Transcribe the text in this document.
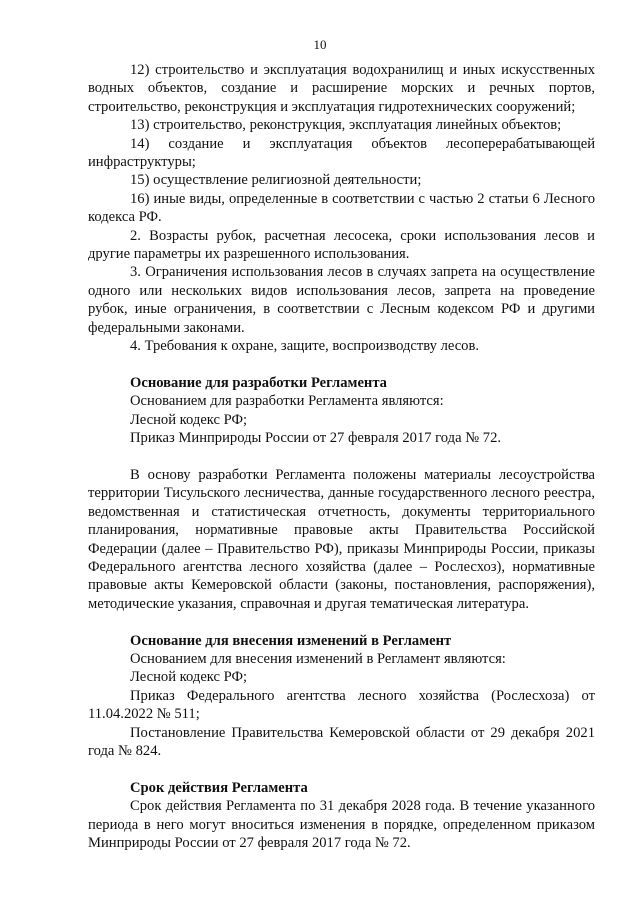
10

12) строительство и эксплуатация водохранилищ и иных искусственных водных объектов, создание и расширение морских и речных портов, строительство, реконструкция и эксплуатация гидротехнических сооружений;

13) строительство, реконструкция, эксплуатация линейных объектов;

14) создание и эксплуатация объектов лесоперерабатывающей инфраструктуры;

15) осуществление религиозной деятельности;

16) иные виды, определенные в соответствии с частью 2 статьи 6 Лесного кодекса РФ.

2. Возрасты рубок, расчетная лесосека, сроки использования лесов и другие параметры их разрешенного использования.

3. Ограничения использования лесов в случаях запрета на осуществление одного или нескольких видов использования лесов, запрета на проведение рубок, иные ограничения, в соответствии с Лесным кодексом РФ и другими федеральными законами.

4. Требования к охране, защите, воспроизводству лесов.

Основание для разработки Регламента

Основанием для разработки Регламента являются:

Лесной кодекс РФ;

Приказ Минприроды России от 27 февраля 2017 года № 72.

В основу разработки Регламента положены материалы лесоустройства территории Тисульского лесничества, данные государственного лесного реестра, ведомственная и статистическая отчетность, документы территориального планирования, нормативные правовые акты Правительства Российской Федерации (далее – Правительство РФ), приказы Минприроды России, приказы Федерального агентства лесного хозяйства (далее – Рослесхоз), нормативные правовые акты Кемеровской области (законы, постановления, распоряжения), методические указания, справочная и другая тематическая литература.

Основание для внесения изменений в Регламент

Основанием для внесения изменений в Регламент являются:

Лесной кодекс РФ;

Приказ Федерального агентства лесного хозяйства (Рослесхоза) от 11.04.2022 № 511;

Постановление Правительства Кемеровской области от 29 декабря 2021 года № 824.

Срок действия Регламента

Срок действия Регламента по 31 декабря 2028 года. В течение указанного периода в него могут вноситься изменения в порядке, определенном приказом Минприроды России от 27 февраля 2017 года № 72.
